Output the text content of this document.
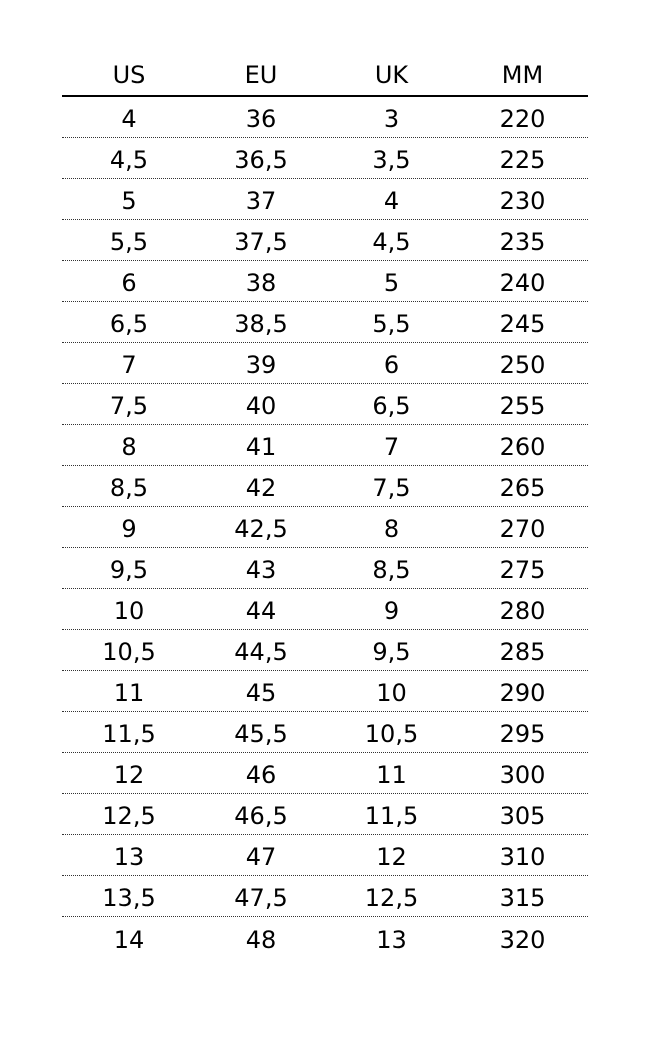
US	EU	UK	MM
4	36	3	220
4,5	36,5	3,5	225
5	37	4	230
5,5	37,5	4,5	235
6	38	5	240
6,5	38,5	5,5	245
7	39	6	250
7,5	40	6,5	255
8	41	7	260
8,5	42	7,5	265
9	42,5	8	270
9,5	43	8,5	275
10	44	9	280
10,5	44,5	9,5	285
11	45	10	290
11,5	45,5	10,5	295
12	46	11	300
12,5	46,5	11,5	305
13	47	12	310
13,5	47,5	12,5	315
14	48	13	320
